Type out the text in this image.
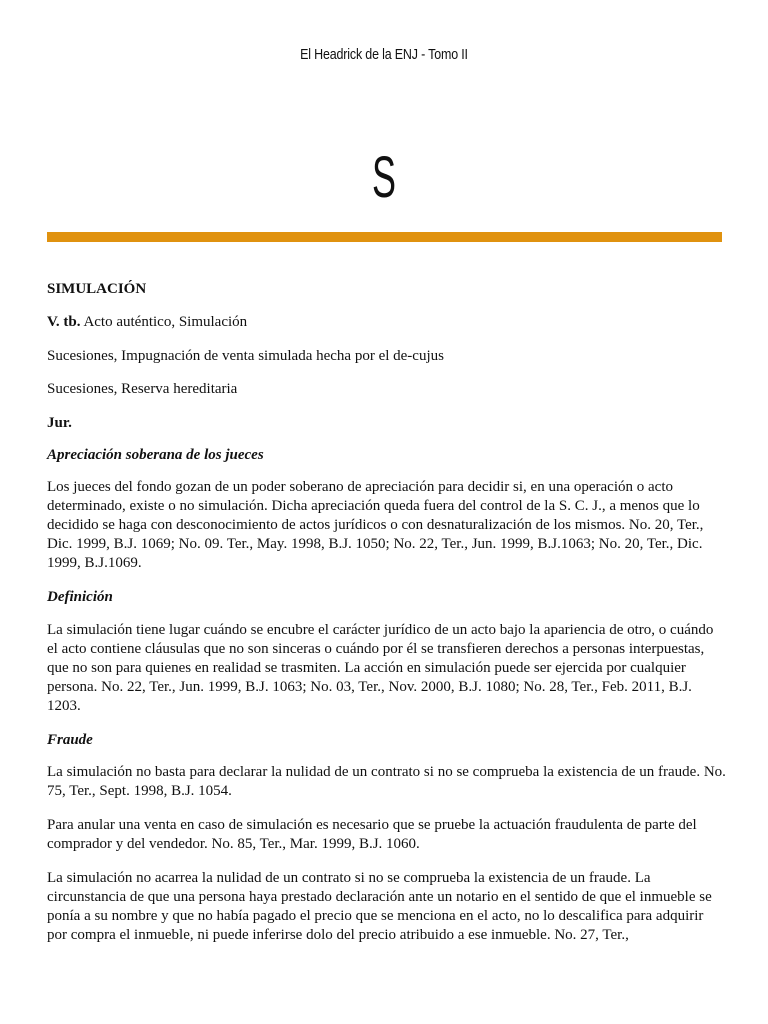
El Headrick de la ENJ - Tomo II
S

SIMULACIÓN

V. tb. Acto auténtico, Simulación

Sucesiones, Impugnación de venta simulada hecha por el de-cujus

Sucesiones, Reserva hereditaria

Jur.

Apreciación soberana de los jueces

Los jueces del fondo gozan de un poder soberano de apreciación para decidir si, en una operación o acto determinado, existe o no simulación. Dicha apreciación queda fuera del control de la S. C. J., a menos que lo decidido se haga con desconocimiento de actos jurídicos o con desnaturalización de los mismos. No. 20, Ter., Dic. 1999, B.J. 1069; No. 09. Ter., May. 1998, B.J. 1050; No. 22, Ter., Jun. 1999, B.J.1063; No. 20, Ter., Dic. 1999, B.J.1069.

Definición

La simulación tiene lugar cuándo se encubre el carácter jurídico de un acto bajo la apariencia de otro, o cuándo el acto contiene cláusulas que no son sinceras o cuándo por él se transfieren derechos a personas interpuestas, que no son para quienes en realidad se trasmiten. La acción en simulación puede ser ejercida por cualquier persona. No. 22, Ter., Jun. 1999, B.J. 1063; No. 03, Ter., Nov. 2000, B.J. 1080; No. 28, Ter., Feb. 2011, B.J. 1203.

Fraude

La simulación no basta para declarar la nulidad de un contrato si no se comprueba la existencia de un fraude. No. 75, Ter., Sept. 1998, B.J. 1054.

Para anular una venta en caso de simulación es necesario que se pruebe la actuación fraudulenta de parte del comprador y del vendedor. No. 85, Ter., Mar. 1999, B.J. 1060.

La simulación no acarrea la nulidad de un contrato si no se comprueba la existencia de un fraude. La circunstancia de que una persona haya prestado declaración ante un notario en el sentido de que el inmueble se ponía a su nombre y que no había pagado el precio que se menciona en el acto, no lo descalifica para adquirir por compra el inmueble, ni puede inferirse dolo del precio atribuido a ese inmueble. No. 27, Ter.,
